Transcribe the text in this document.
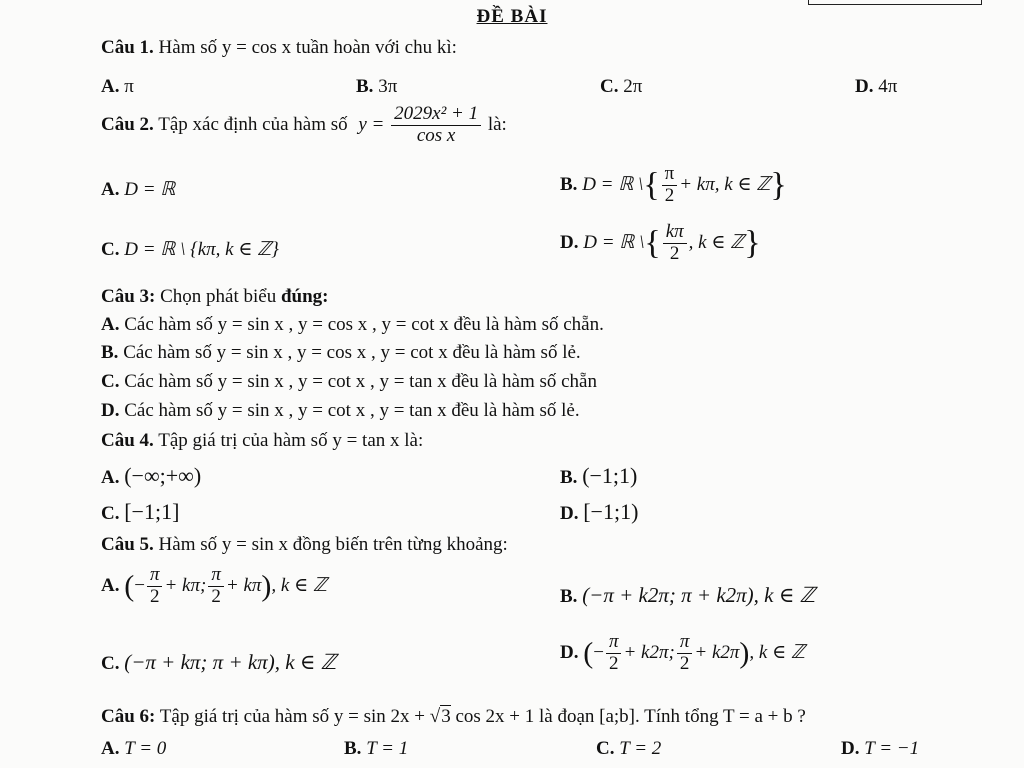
ĐỀ BÀI
Câu 1. Hàm số y = cos x tuần hoàn với chu kì:
A. π	B. 3π	C. 2π	D. 4π
Câu 2. Tập xác định của hàm số $y = \frac{\text{2029x² + 1}}{\text{cos x}}$ là:
A. D = ℝ	B. D = ℝ \{ $\frac{\pi}{2} + k\pi$, k ∈ ℤ}
C. D = ℝ \ {kπ, k ∈ ℤ}	D. D = ℝ \{ $\frac{k\pi}{2}$ , k ∈ ℤ}
Câu 3: Chọn phát biểu đúng:
A. Các hàm số y = sin x , y = cos x , y = cot x đều là hàm số chẵn.
B. Các hàm số y = sin x , y = cos x , y = cot x đều là hàm số lẻ.
C. Các hàm số y = sin x , y = cot x , y = tan x đều là hàm số chẵn
D. Các hàm số y = sin x , y = cot x , y = tan x đều là hàm số lẻ.
Câu 4. Tập giá trị của hàm số y = tan x là:
A. (−∞;+∞)	B. (−1;1)
C. [−1;1]	D. [−1;1)
Câu 5. Hàm số y = sin x đồng biến trên từng khoảng:
A. (− $\frac{\pi}{2} + k\pi$; $\frac{\pi}{2} + k\pi$), k ∈ ℤ
B. (−π + k2π; π + k2π), k ∈ ℤ
C. (−π + kπ; π + kπ), k ∈ ℤ	D. (− $\frac{\pi}{2} + k2\pi$; $\frac{\pi}{2} + k2\pi$), k ∈ ℤ
Câu 6: Tập giá trị của hàm số y = sin 2x + √3 cos 2x + 1 là đoạn [a;b]. Tính tổng T = a + b ?
A. T = 0	B. T = 1	C. T = 2	D. T = −1
